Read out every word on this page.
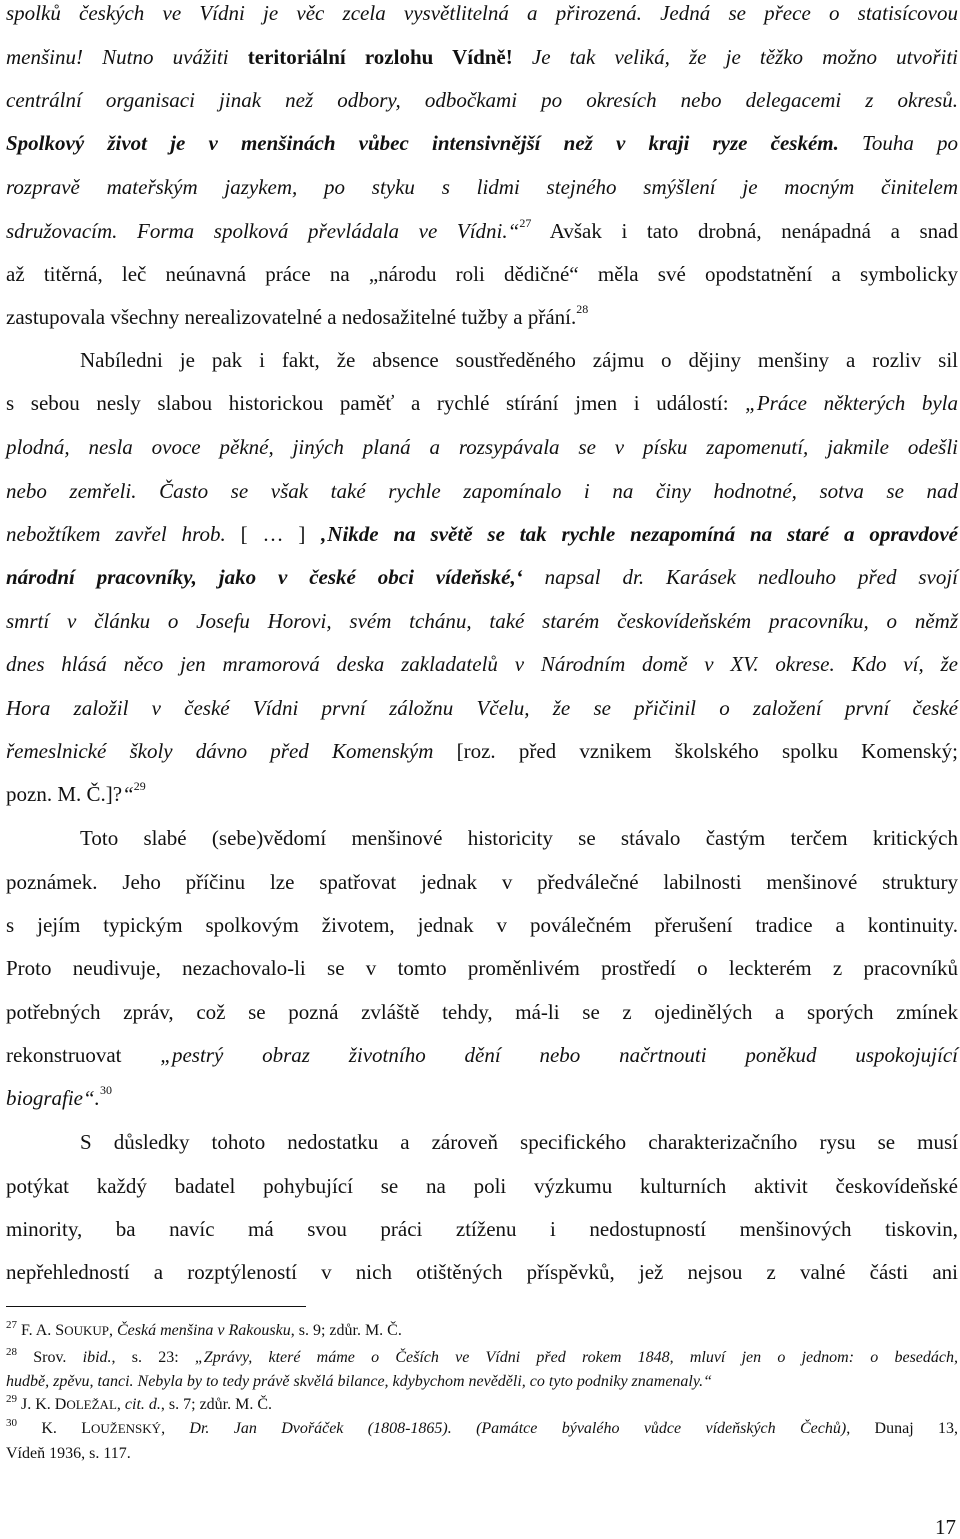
spolků českých ve Vídni je věc zcela vysvětlitelná a přirozená. Jedná se přece o statisícovou
menšinu! Nutno uvážiti teritoriální rozlohu Vídně! Je tak veliká, že je těžko možno utvořiti
centrální organisaci jinak než odbory, odbočkami po okresích nebo delegacemi z okresů.
Spolkový život je v menšinách vůbec intensivnější než v kraji ryze českém. Touha po
rozpravě mateřským jazykem, po styku s lidmi stejného smýšlení je mocným činitelem
sdružovacím. Forma spolková převládala ve Vídni.“$^{27}$ Avšak i tato drobná, nenápadná a snad
až titěrná, leč neúnavná práce na „národu roli dědičné“ měla své opodstatnění a symbolicky
zastupovala všechny nerealizovatelné a nedosažitelné tužby a přání.$^{28}$
Nabíledni je pak i fakt, že absence soustředěného zájmu o dějiny menšiny a rozliv sil
s sebou nesly slabou historickou paměť a rychlé stírání jmen i událostí: „Práce některých byla
plodná, nesla ovoce pěkné, jiných planá a rozsypávala se v písku zapomenutí, jakmile odešli
nebo zemřeli. Často se však také rychle zapomínalo i na činy hodnotné, sotva se nad
nebožtíkem zavřel hrob. [ … ] ‚Nikde na světě se tak rychle nezapomíná na staré a opravdové
národní pracovníky, jako v české obci vídeňské,‘ napsal dr. Karásek nedlouho před svojí
smrtí v článku o Josefu Horovi, svém tchánu, také starém českovídeňském pracovníku, o němž
dnes hlásá něco jen mramorová deska zakladatelů v Národním domě v XV. okrese. Kdo ví, že
Hora založil v české Vídni první záložnu Včelu, že se přičinil o založení první české
řemeslnické školy dávno před Komenským [roz. před vznikem školského spolku Komenský;
pozn. M. Č.]?“$^{29}$
Toto slabé (sebe)vědomí menšinové historicity se stávalo častým terčem kritických
poznámek. Jeho příčinu lze spatřovat jednak v předválečné labilnosti menšinové struktury
s jejím typickým spolkovým životem, jednak v poválečném přerušení tradice a kontinuity.
Proto neudivuje, nezachovalo-li se v tomto proměnlivém prostředí o leckterém z pracovníků
potřebných zpráv, což se pozná zvláště tehdy, má-li se z ojedinělých a sporých zmínek
rekonstruovat „pestrý obraz životního dění nebo načrtnouti poněkud uspokojující
biografie“.$^{30}$
S důsledky tohoto nedostatku a zároveň specifického charakterizačního rysu se musí
potýkat každý badatel pohybující se na poli výzkumu kulturních aktivit českovídeňské
minority, ba navíc má svou práci ztíženu i nedostupností menšinových tiskovin,
nepřehledností a rozptýleností v nich otištěných příspěvků, jež nejsou z valné části ani
$^{27}$ F. A. SOUKUP, Česká menšina v Rakousku, s. 9; zdůr. M. Č.
$^{28}$ Srov. ibid., s. 23: „Zprávy, které máme o Češích ve Vídni před rokem 1848, mluví jen o jednom: o besedách,
hudbě, zpěvu, tanci. Nebyla by to tedy právě skvělá bilance, kdybychom nevěděli, co tyto podniky znamenaly.“
$^{29}$ J. K. DOLEŽAL, cit. d., s. 7; zdůr. M. Č.
$^{30}$ K. LOUŽENSKÝ, Dr. Jan Dvořáček (1808-1865). (Památce bývalého vůdce vídeňských Čechů), Dunaj 13,
Vídeň 1936, s. 117.
17
